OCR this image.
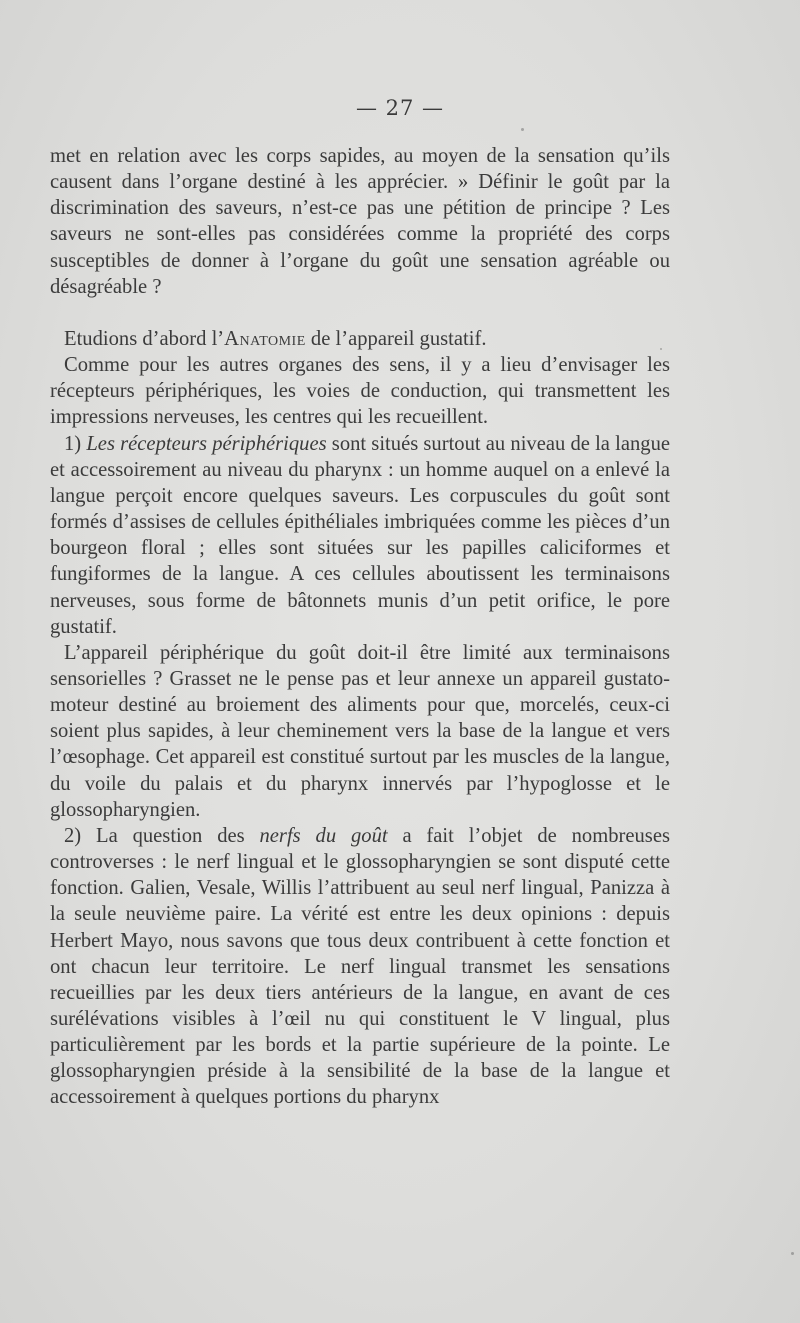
— 27 —

met en relation avec les corps sapides, au moyen de la sensation qu’ils causent dans l’organe destiné à les apprécier. » Définir le goût par la discrimination des saveurs, n’est-ce pas une pétition de principe ? Les saveurs ne sont-elles pas considérées comme la propriété des corps susceptibles de donner à l’organe du goût une sensation agréable ou désagréable ?

Etudions d’abord l’Anatomie de l’appareil gustatif.

Comme pour les autres organes des sens, il y a lieu d’envisager les récepteurs périphériques, les voies de conduction, qui transmettent les impressions nerveuses, les centres qui les recueillent.

1) Les récepteurs périphériques sont situés surtout au niveau de la langue et accessoirement au niveau du pharynx : un homme auquel on a enlevé la langue perçoit encore quelques saveurs. Les corpuscules du goût sont formés d’assises de cellules épithéliales imbriquées comme les pièces d’un bourgeon floral ; elles sont situées sur les papilles caliciformes et fungiformes de la langue. A ces cellules aboutissent les terminaisons nerveuses, sous forme de bâtonnets munis d’un petit orifice, le pore gustatif.

L’appareil périphérique du goût doit-il être limité aux terminaisons sensorielles ? Grasset ne le pense pas et leur annexe un appareil gustato-moteur destiné au broiement des aliments pour que, morcelés, ceux-ci soient plus sapides, à leur cheminement vers la base de la langue et vers l’œsophage. Cet appareil est constitué surtout par les muscles de la langue, du voile du palais et du pharynx innervés par l’hypoglosse et le glossopharyngien.

2) La question des nerfs du goût a fait l’objet de nombreuses controverses : le nerf lingual et le glossopharyngien se sont disputé cette fonction. Galien, Vesale, Willis l’attribuent au seul nerf lingual, Panizza à la seule neuvième paire. La vérité est entre les deux opinions : depuis Herbert Mayo, nous savons que tous deux contribuent à cette fonction et ont chacun leur territoire. Le nerf lingual transmet les sensations recueillies par les deux tiers antérieurs de la langue, en avant de ces surélévations visibles à l’œil nu qui constituent le V lingual, plus particulièrement par les bords et la partie supérieure de la pointe. Le glossopharyngien préside à la sensibilité de la base de la langue et accessoirement à quelques portions du pharynx
